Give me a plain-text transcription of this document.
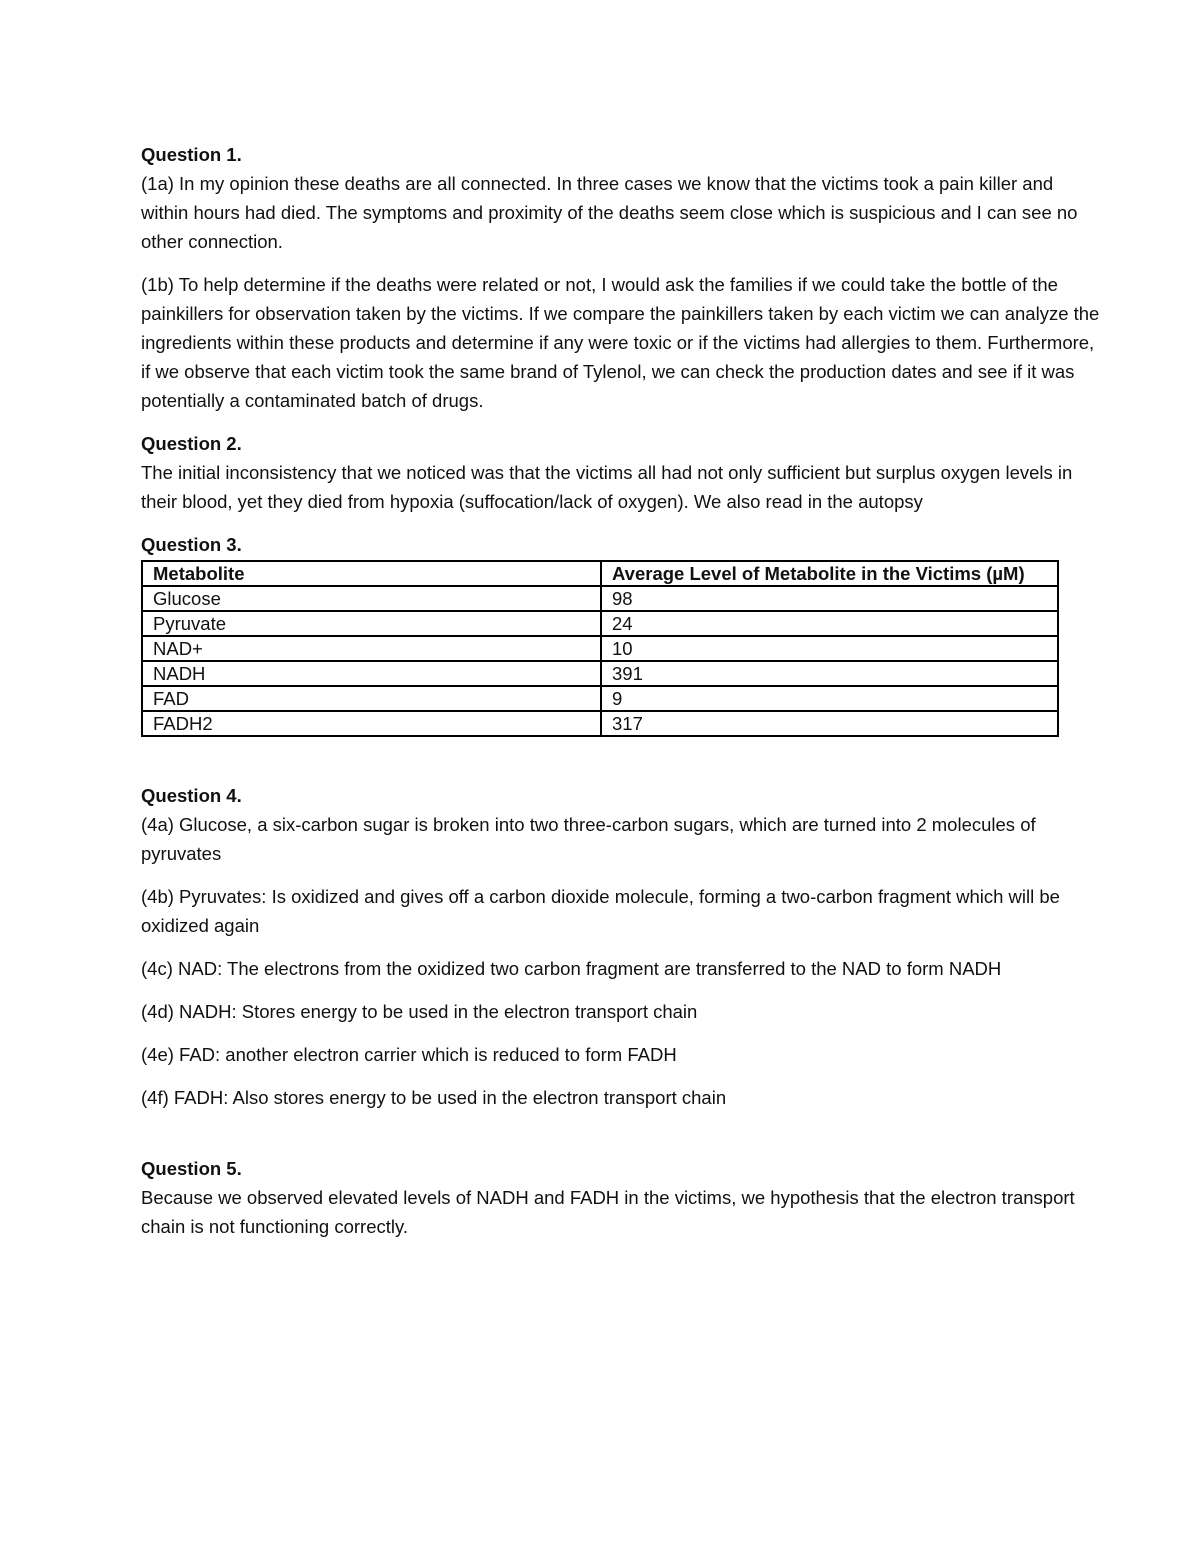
Question 1.

(1a) In my opinion these deaths are all connected. In three cases we know that the victims took a pain killer and within hours had died. The symptoms and proximity of the deaths seem close which is suspicious and I can see no other connection.

(1b) To help determine if the deaths were related or not, I would ask the families if we could take the bottle of the painkillers for observation taken by the victims. If we compare the painkillers taken by each victim we can analyze the ingredients within these products and determine if any were toxic or if the victims had allergies to them. Furthermore, if we observe that each victim took the same brand of Tylenol, we can check the production dates and see if it was potentially a contaminated batch of drugs.

Question 2.

The initial inconsistency that we noticed was that the victims all had not only sufficient but surplus oxygen levels in their blood, yet they died from hypoxia (suffocation/lack of oxygen). We also read in the autopsy

Question 3.

Metabolite	Average Level of Metabolite in the Victims (µM)
Glucose	98
Pyruvate	24
NAD+	10
NADH	391
FAD	9
FADH2	317

Question 4.

(4a) Glucose, a six-carbon sugar is broken into two three-carbon sugars, which are turned into 2 molecules of pyruvates

(4b) Pyruvates: Is oxidized and gives off a carbon dioxide molecule, forming a two-carbon fragment which will be oxidized again

(4c) NAD: The electrons from the oxidized two carbon fragment are transferred to the NAD to form NADH

(4d) NADH: Stores energy to be used in the electron transport chain

(4e) FAD: another electron carrier which is reduced to form FADH

(4f) FADH: Also stores energy to be used in the electron transport chain

Question 5.

Because we observed elevated levels of NADH and FADH in the victims, we hypothesis that the electron transport chain is not functioning correctly.
